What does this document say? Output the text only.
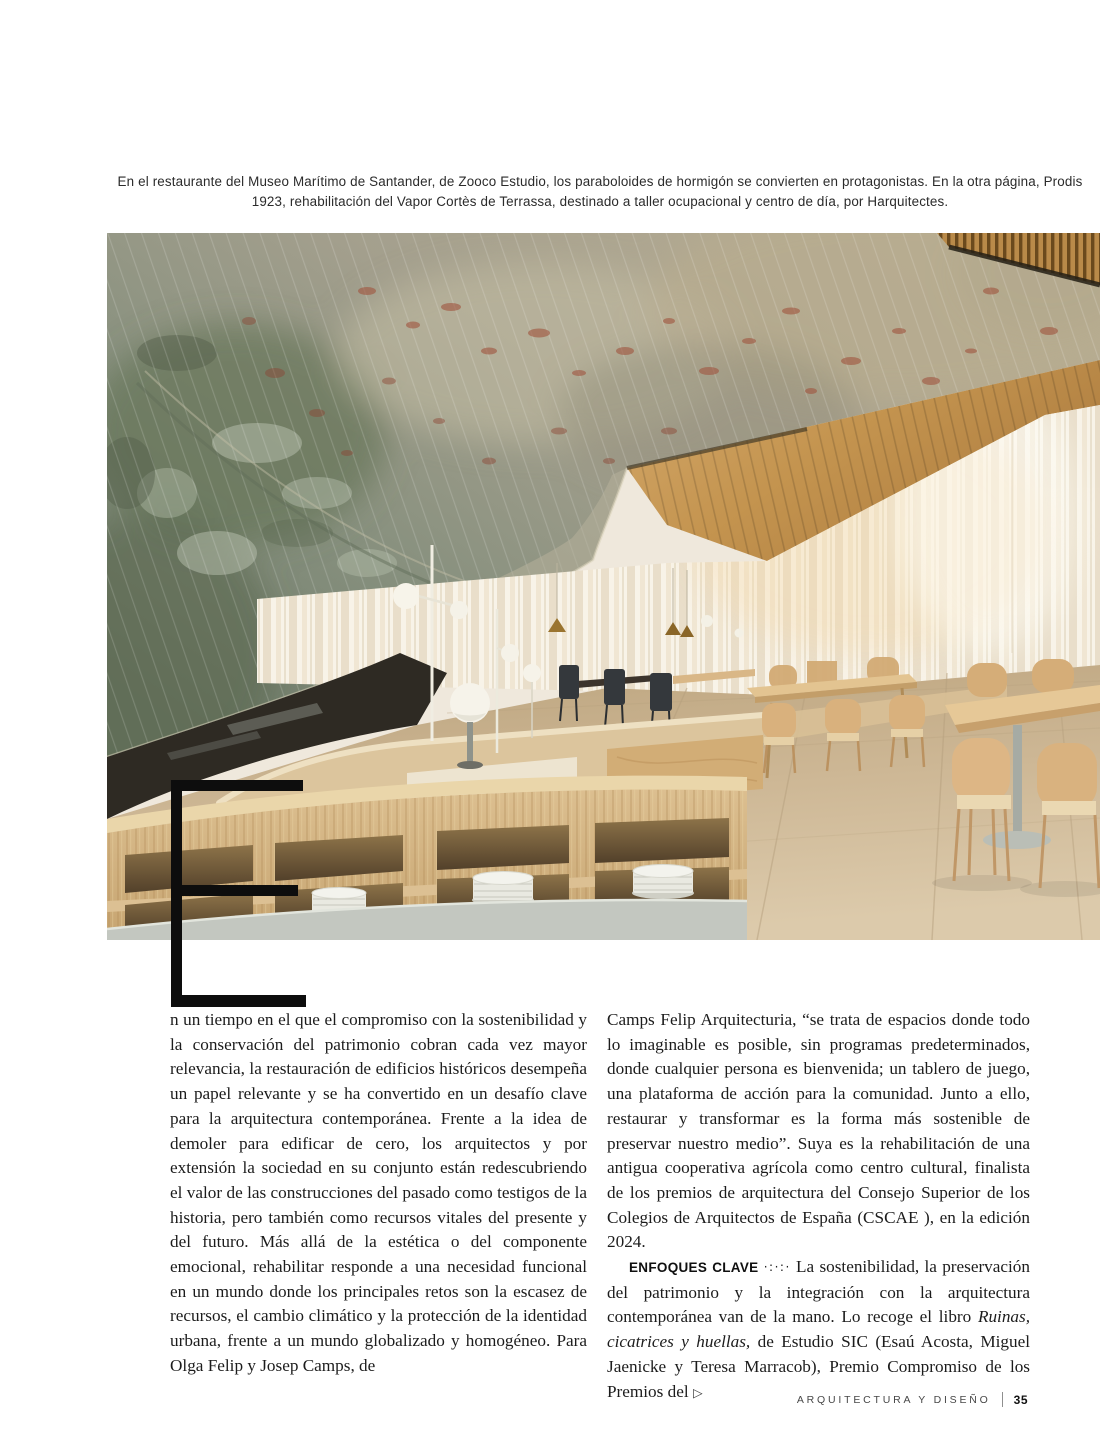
En el restaurante del Museo Marítimo de Santander, de Zooco Estudio, los paraboloides de hormigón se convierten en protagonistas. En la otra página, Prodis 1923, rehabilitación del Vapor Cortès de Terrassa, destinado a taller ocupacional y centro de día, por Harquitectes.

n un tiempo en el que el compromiso con la sostenibilidad y la conservación del patrimonio cobran cada vez mayor relevancia, la restauración de edificios históricos desempeña un papel relevante y se ha convertido en un desafío clave para la arquitectura contemporánea. Frente a la idea de demoler para edificar de cero, los arquitectos y por extensión la sociedad en su conjunto están redescubriendo el valor de las construcciones del pasado como testigos de la historia, pero también como recursos vitales del presente y del futuro. Más allá de la estética o del componente emocional, rehabilitar responde a una necesidad funcional en un mundo donde los principales retos son la escasez de recursos, el cambio climático y la protección de la identidad urbana, frente a un mundo globalizado y homogéneo. Para Olga Felip y Josep Camps, de

Camps Felip Arquitecturia, “se trata de espacios donde todo lo imaginable es posible, sin programas predeterminados, donde cualquier persona es bienvenida; un tablero de juego, una plataforma de acción para la comunidad. Junto a ello, restaurar y transformar es la forma más sostenible de preservar nuestro medio”. Suya es la rehabilitación de una antigua cooperativa agrícola como centro cultural, finalista de los premios de arquitectura del Consejo Superior de los Colegios de Arquitectos de España (CSCAE ), en la edición 2024.

ENFOQUES CLAVE ·:·:· La sostenibilidad, la preservación del patrimonio y la integración con la arquitectura contemporánea van de la mano. Lo recoge el libro Ruinas, cicatrices y huellas, de Estudio SIC (Esaú Acosta, Miguel Jaenicke y Teresa Marracob), Premio Compromiso de los Premios del ▷	ARQUITECTURA Y DISEÑO 35
